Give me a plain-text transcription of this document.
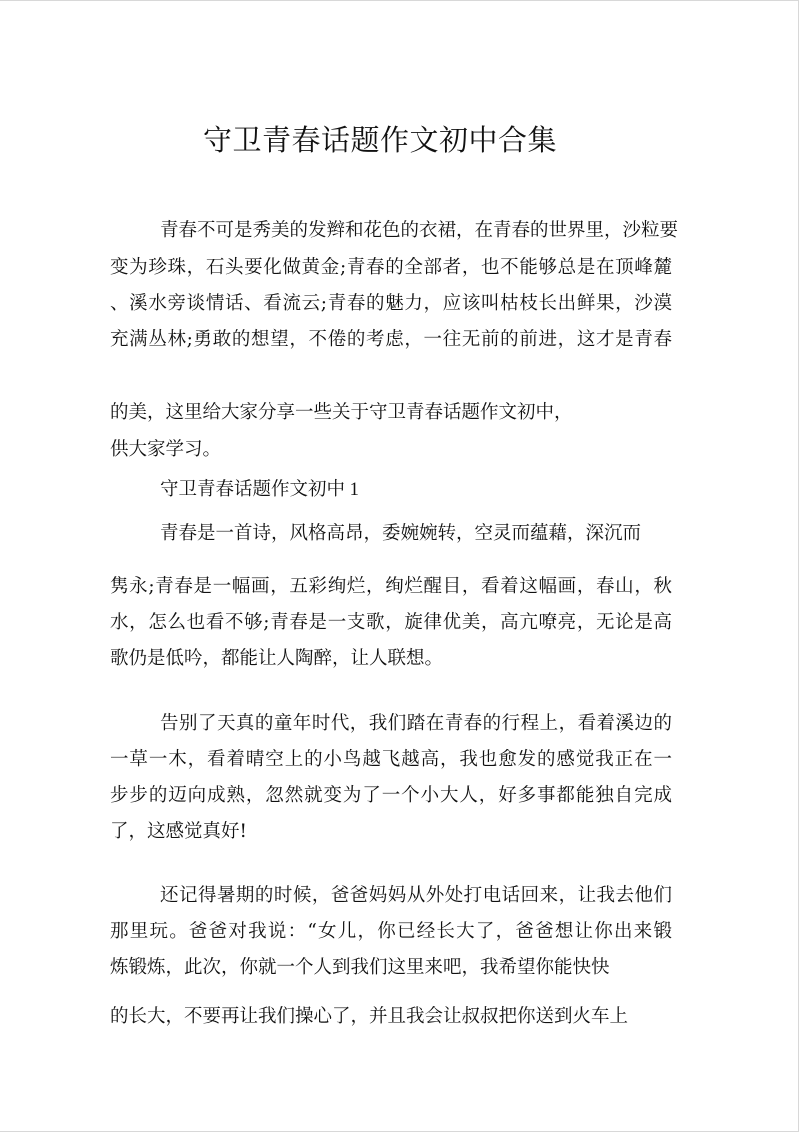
守卫青春话题作文初中合集

青春不可是秀美的发辫和花色的衣裙，在青春的世界里，沙粒要

变为珍珠，石头要化做黄金;青春的全部者，也不能够总是在顶峰麓

、溪水旁谈情话、看流云;青春的魅力，应该叫枯枝长出鲜果，沙漠

充满丛林;勇敢的想望，不倦的考虑，一往无前的前进，这才是青春

的美，这里给大家分享一些关于守卫青春话题作文初中，

供大家学习。

守卫青春话题作文初中 1

青春是一首诗，风格高昂，委婉婉转，空灵而蕴藉，深沉而

隽永;青春是一幅画，五彩绚烂，绚烂醒目，看着这幅画，春山，秋

水，怎么也看不够;青春是一支歌，旋律优美，高亢嘹亮，无论是高

歌仍是低吟，都能让人陶醉，让人联想。

告别了天真的童年时代，我们踏在青春的行程上，看着溪边的

一草一木，看着晴空上的小鸟越飞越高，我也愈发的感觉我正在一

步步的迈向成熟，忽然就变为了一个小大人，好多事都能独自完成

了，这感觉真好!

还记得暑期的时候，爸爸妈妈从外处打电话回来，让我去他们

那里玩。爸爸对我说：“女儿，你已经长大了，爸爸想让你出来锻

炼锻炼，此次，你就一个人到我们这里来吧，我希望你能快快

的长大，不要再让我们操心了，并且我会让叔叔把你送到火车上
